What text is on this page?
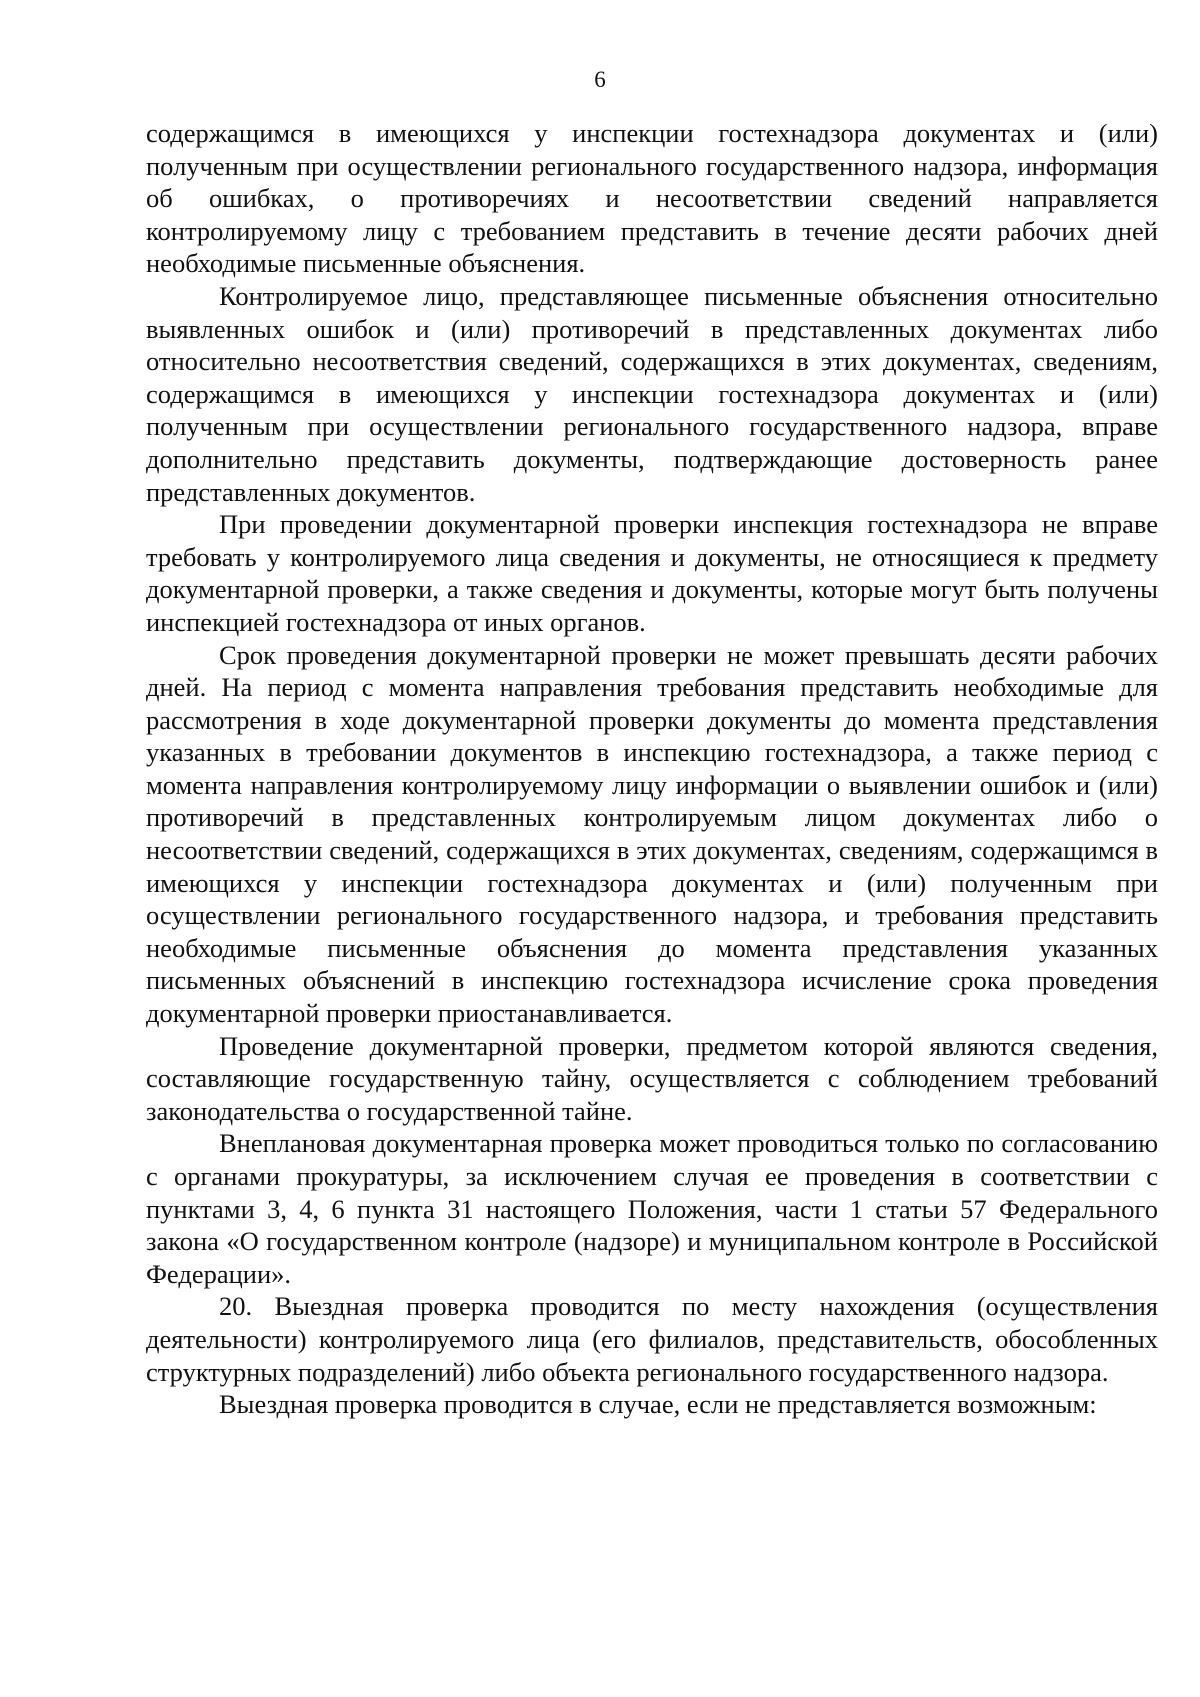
6

содержащимся в имеющихся у инспекции гостехнадзора документах и (или) полученным при осуществлении регионального государственного надзора, информация об ошибках, о противоречиях и несоответствии сведений направляется контролируемому лицу с требованием представить в течение десяти рабочих дней необходимые письменные объяснения.

Контролируемое лицо, представляющее письменные объяснения относительно выявленных ошибок и (или) противоречий в представленных документах либо относительно несоответствия сведений, содержащихся в этих документах, сведениям, содержащимся в имеющихся у инспекции гостехнадзора документах и (или) полученным при осуществлении регионального государственного надзора, вправе дополнительно представить документы, подтверждающие достоверность ранее представленных документов.

При проведении документарной проверки инспекция гостехнадзора не вправе требовать у контролируемого лица сведения и документы, не относящиеся к предмету документарной проверки, а также сведения и документы, которые могут быть получены инспекцией гостехнадзора от иных органов.

Срок проведения документарной проверки не может превышать десяти рабочих дней. На период с момента направления требования представить необходимые для рассмотрения в ходе документарной проверки документы до момента представления указанных в требовании документов в инспекцию гостехнадзора, а также период с момента направления контролируемому лицу информации о выявлении ошибок и (или) противоречий в представленных контролируемым лицом документах либо о несоответствии сведений, содержащихся в этих документах, сведениям, содержащимся в имеющихся у инспекции гостехнадзора документах и (или) полученным при осуществлении регионального государственного надзора, и требования представить необходимые письменные объяснения до момента представления указанных письменных объяснений в инспекцию гостехнадзора исчисление срока проведения документарной проверки приостанавливается.

Проведение документарной проверки, предметом которой являются сведения, составляющие государственную тайну, осуществляется с соблюдением требований законодательства о государственной тайне.

Внеплановая документарная проверка может проводиться только по согласованию с органами прокуратуры, за исключением случая ее проведения в соответствии с пунктами 3, 4, 6 пункта 31 настоящего Положения, части 1 статьи 57 Федерального закона «О государственном контроле (надзоре) и муниципальном контроле в Российской Федерации».

20. Выездная проверка проводится по месту нахождения (осуществления деятельности) контролируемого лица (его филиалов, представительств, обособленных структурных подразделений) либо объекта регионального государственного надзора.

Выездная проверка проводится в случае, если не представляется возможным:
